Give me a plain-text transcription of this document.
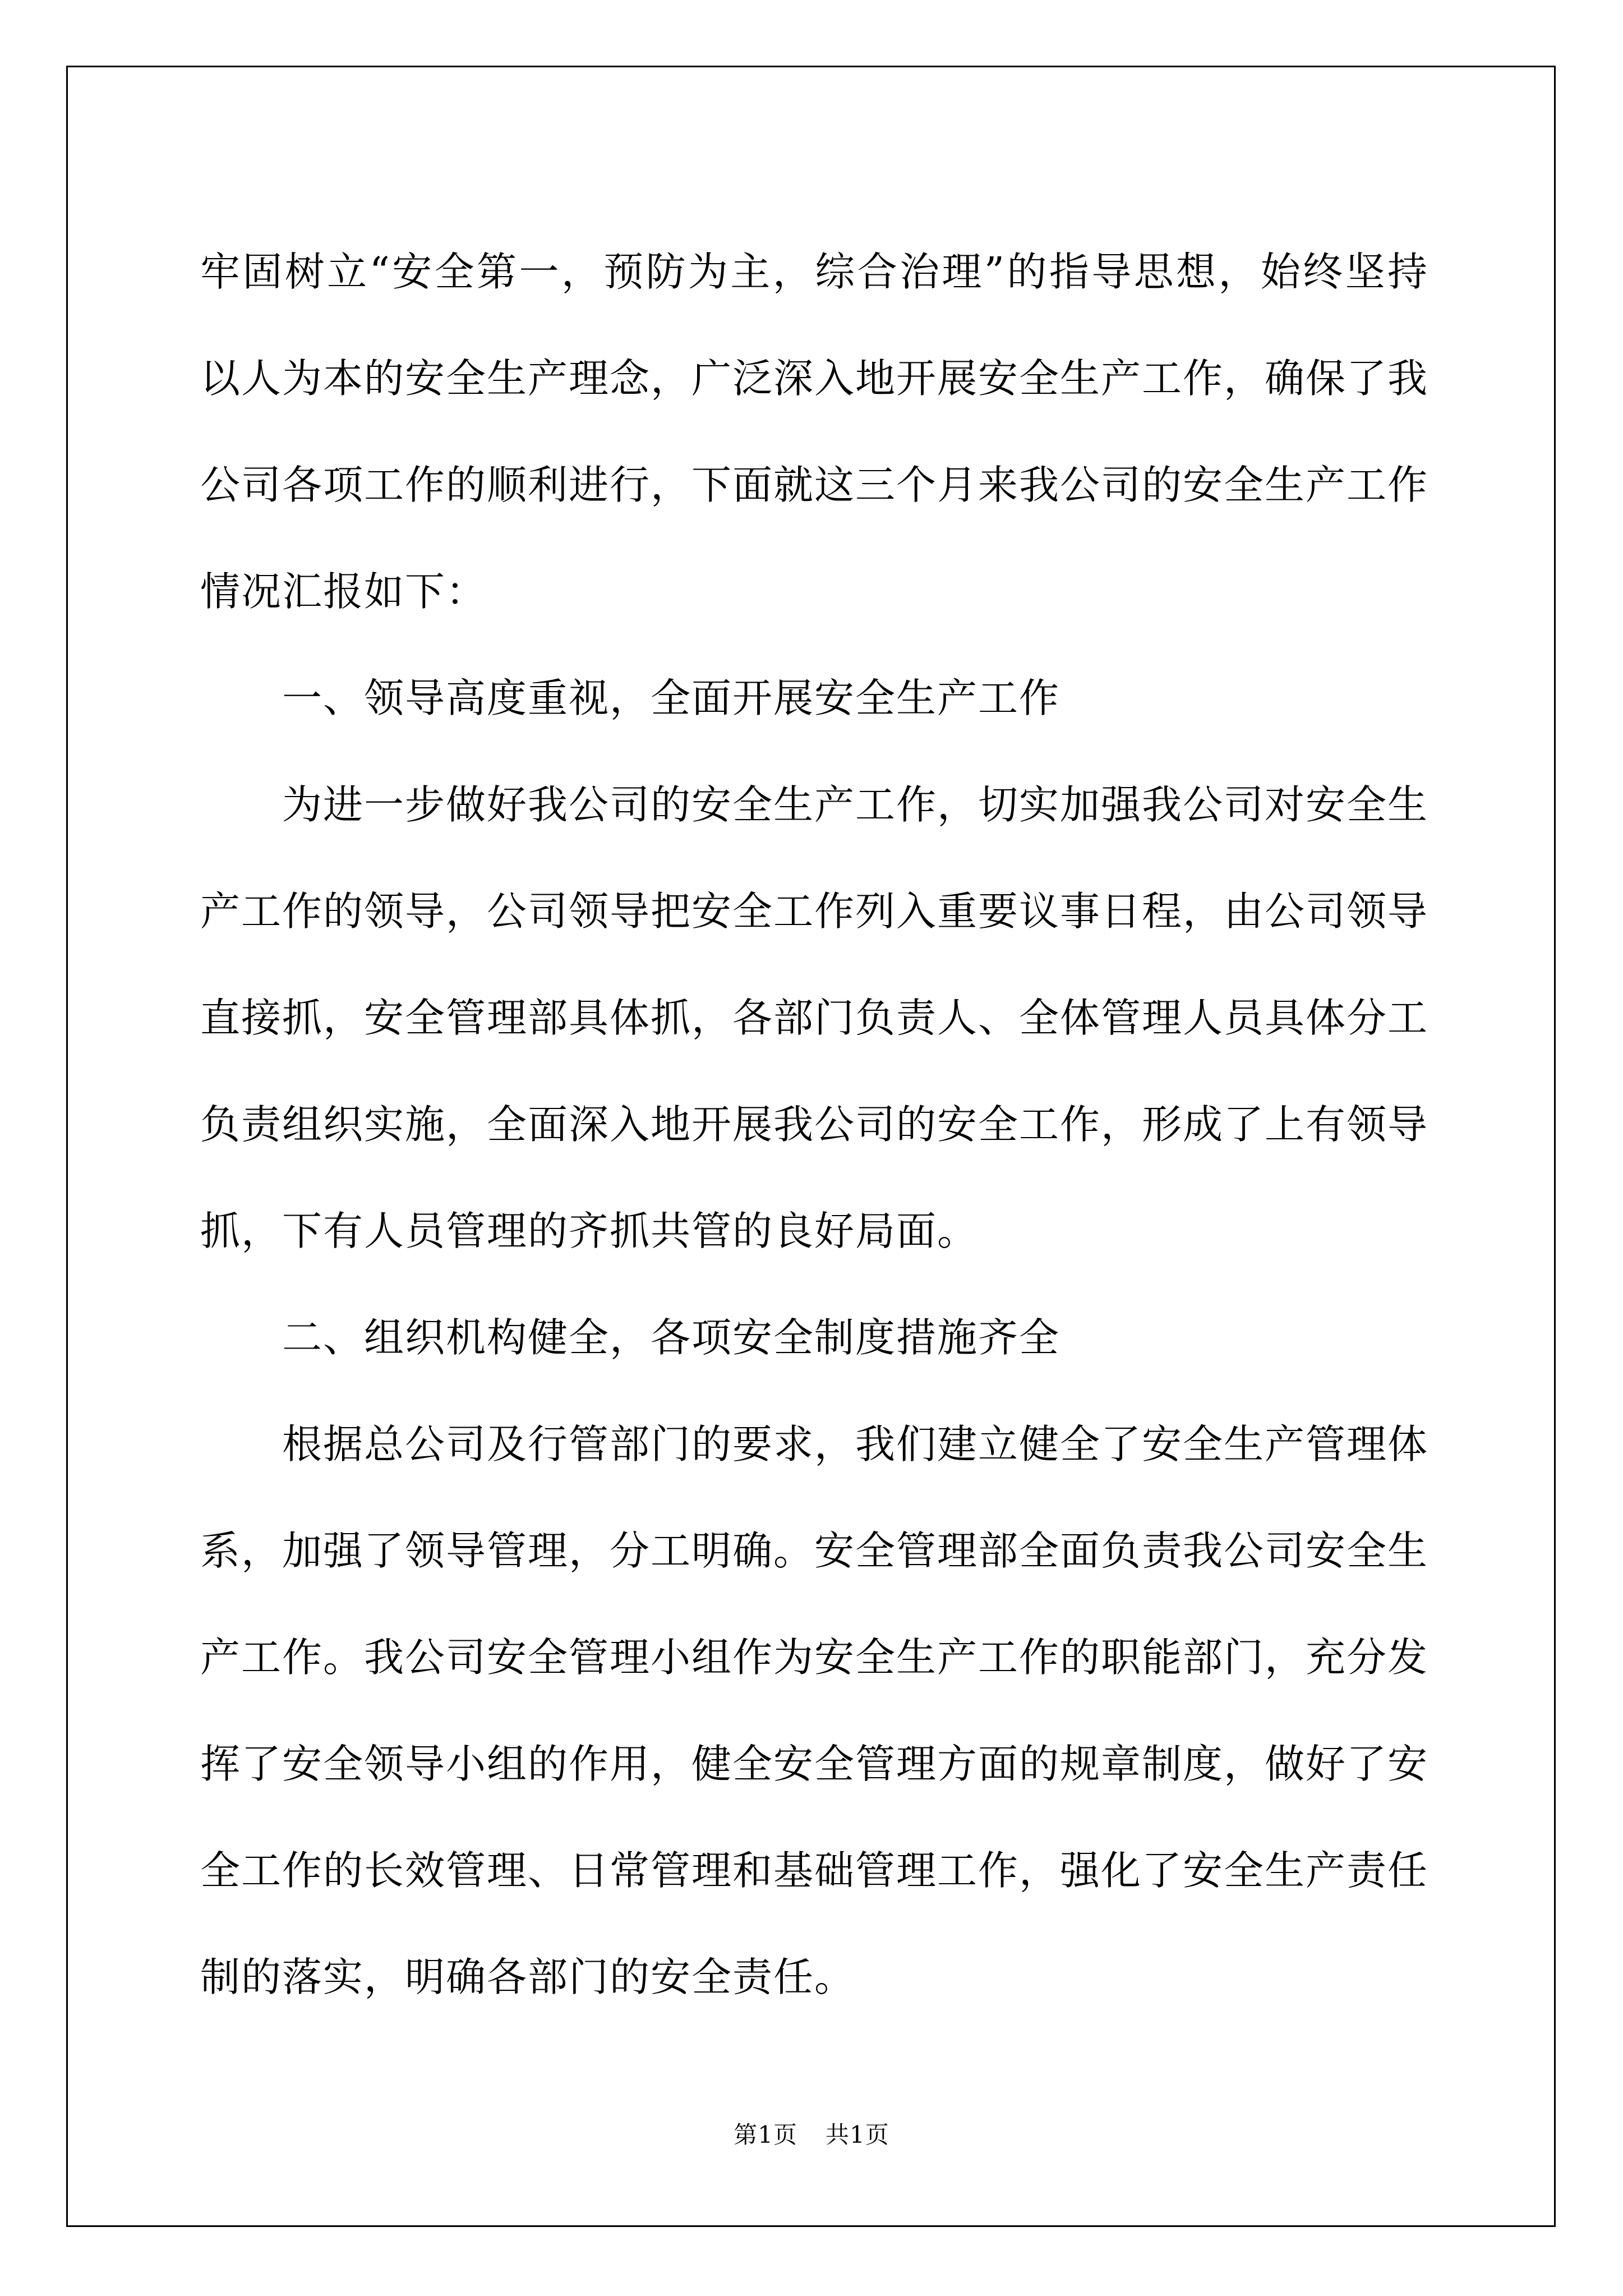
牢固树立“安全第一，预防为主，综合治理”的指导思想，始终坚持以人为本的安全生产理念，广泛深入地开展安全生产工作，确保了我公司各项工作的顺利进行，下面就这三个月来我公司的安全生产工作情况汇报如下：

一、领导高度重视，全面开展安全生产工作

为进一步做好我公司的安全生产工作，切实加强我公司对安全生产工作的领导，公司领导把安全工作列入重要议事日程，由公司领导直接抓，安全管理部具体抓，各部门负责人、全体管理人员具体分工负责组织实施，全面深入地开展我公司的安全工作，形成了上有领导抓，下有人员管理的齐抓共管的良好局面。

二、组织机构健全，各项安全制度措施齐全

根据总公司及行管部门的要求，我们建立健全了安全生产管理体系，加强了领导管理，分工明确。安全管理部全面负责我公司安全生产工作。我公司安全管理小组作为安全生产工作的职能部门，充分发挥了安全领导小组的作用，健全安全管理方面的规章制度，做好了安全工作的长效管理、日常管理和基础管理工作，强化了安全生产责任制的落实，明确各部门的安全责任。

第1页 共1页
